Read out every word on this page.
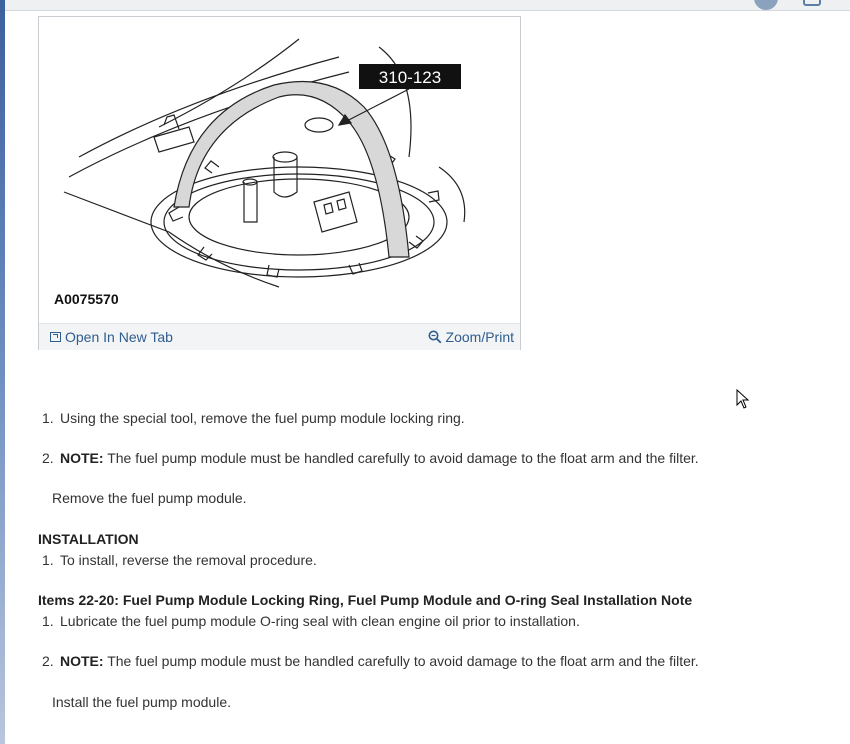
310-123
A0075570
Open In New Tab	Zoom/Print
1. Using the special tool, remove the fuel pump module locking ring.
2. NOTE: The fuel pump module must be handled carefully to avoid damage to the float arm and the filter.
Remove the fuel pump module.
INSTALLATION
1. To install, reverse the removal procedure.
Items 22-20: Fuel Pump Module Locking Ring, Fuel Pump Module and O-ring Seal Installation Note
1. Lubricate the fuel pump module O-ring seal with clean engine oil prior to installation.
2. NOTE: The fuel pump module must be handled carefully to avoid damage to the float arm and the filter.
Install the fuel pump module.
